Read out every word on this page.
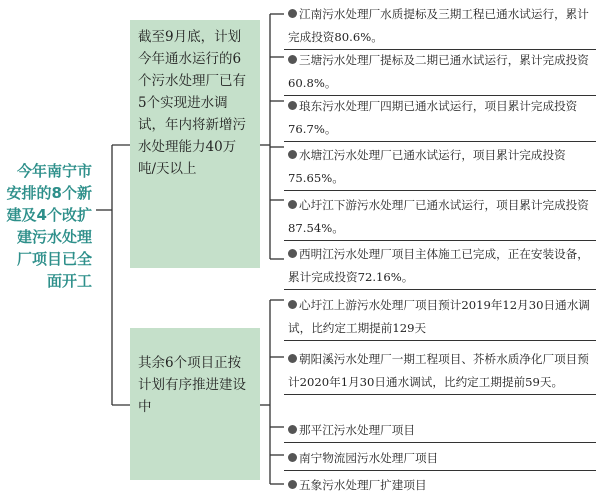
今年南宁市安排的8个新建及4个改扩建污水处理厂项目已全面开工
截至9月底，计划今年通水运行的6个污水处理厂已有5个实现进水调试，年内将新增污水处理能力40万吨/天以上
其余6个项目正按计划有序推进建设中
江南污水处理厂水质提标及三期工程已通水试运行，累计完成投资80.6%。
三塘污水处理厂提标及二期已通水试运行，累计完成投资60.8%。
琅东污水处理厂四期已通水试运行，项目累计完成投资76.7%。
水塘江污水处理厂已通水试运行，项目累计完成投资75.65%。
心圩江下游污水处理厂已通水试运行，项目累计完成投资87.54%。
西明江污水处理厂项目主体施工已完成，正在安装设备，累计完成投资72.16%。
心圩江上游污水处理厂项目预计2019年12月30日通水调试，比约定工期提前129天
朝阳溪污水处理厂一期工程项目、芥桥水质净化厂项目预计2020年1月30日通水调试，比约定工期提前59天。
那平江污水处理厂项目
南宁物流园污水处理厂项目
五象污水处理厂扩建项目
